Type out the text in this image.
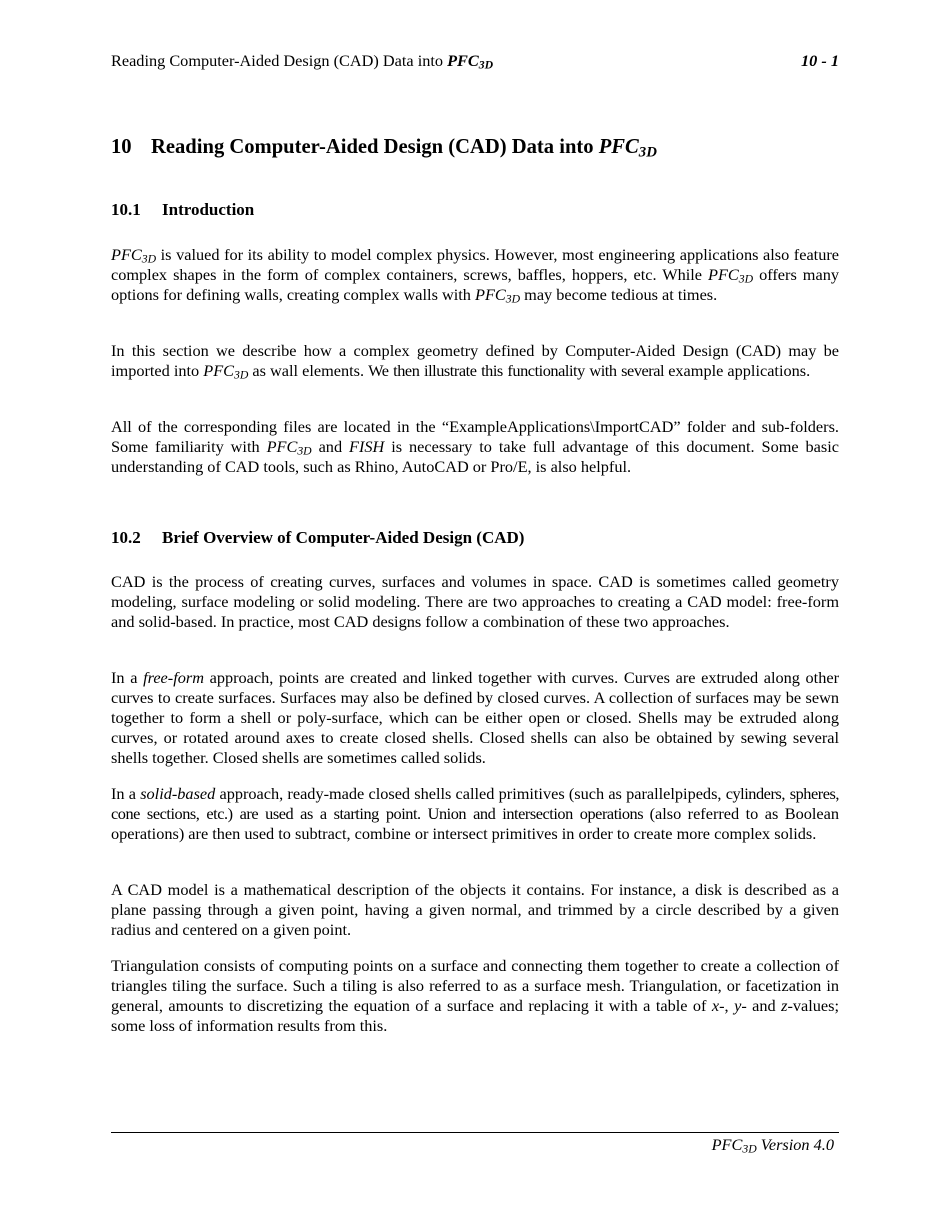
Reading Computer-Aided Design (CAD) Data into $PFC_{3D}$	10 - 1
10 Reading Computer-Aided Design (CAD) Data into $PFC_{3D}$
10.1 Introduction

$PFC_{3D}$ is valued for its ability to model complex physics. However, most engineering applications also feature complex shapes in the form of complex containers, screws, baffles, hoppers, etc. While $PFC_{3D}$ offers many options for defining walls, creating complex walls with $PFC_{3D}$ may become tedious at times.

In this section we describe how a complex geometry defined by Computer-Aided Design (CAD) may be imported into $PFC_{3D}$ as wall elements. We then illustrate this functionality with several example applications.

All of the corresponding files are located in the “ExampleApplications\ImportCAD” folder and sub-folders. Some familiarity with $PFC_{3D}$ and FISH is necessary to take full advantage of this document. Some basic understanding of CAD tools, such as Rhino, AutoCAD or Pro/E, is also helpful.

10.2 Brief Overview of Computer-Aided Design (CAD)

CAD is the process of creating curves, surfaces and volumes in space. CAD is sometimes called geometry modeling, surface modeling or solid modeling. There are two approaches to creating a CAD model: free-form and solid-based. In practice, most CAD designs follow a combination of these two approaches.

In a free-form approach, points are created and linked together with curves. Curves are extruded along other curves to create surfaces. Surfaces may also be defined by closed curves. A collection of surfaces may be sewn together to form a shell or poly-surface, which can be either open or closed. Shells may be extruded along curves, or rotated around axes to create closed shells. Closed shells can also be obtained by sewing several shells together. Closed shells are sometimes called solids.

In a solid-based approach, ready-made closed shells called primitives (such as parallelpipeds, cylinders, spheres, cone sections, etc.) are used as a starting point. Union and intersection operations (also referred to as Boolean operations) are then used to subtract, combine or intersect primitives in order to create more complex solids.

A CAD model is a mathematical description of the objects it contains. For instance, a disk is described as a plane passing through a given point, having a given normal, and trimmed by a circle described by a given radius and centered on a given point.

Triangulation consists of computing points on a surface and connecting them together to create a collection of triangles tiling the surface. Such a tiling is also referred to as a surface mesh. Triangulation, or facetization in general, amounts to discretizing the equation of a surface and replacing it with a table of x-, y- and z-values; some loss of information results from this.

$PFC_{3D}$ Version 4.0
